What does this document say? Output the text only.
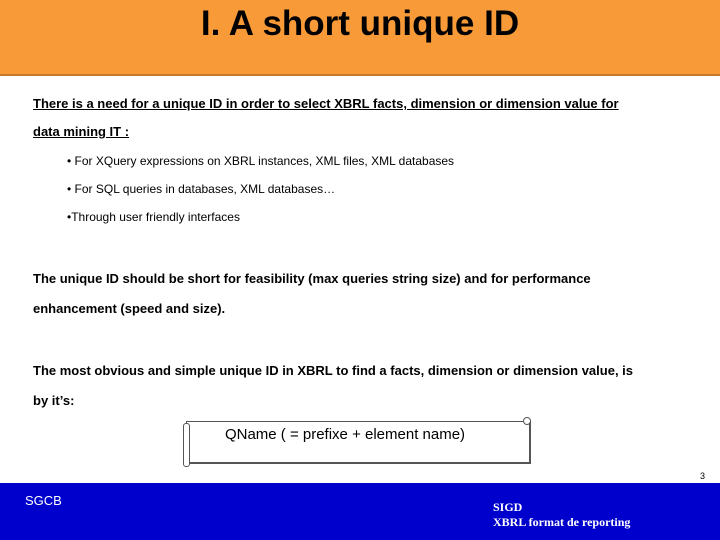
I. A short unique ID
There is a need for a unique ID in order to select XBRL facts, dimension or dimension value for
data mining IT :
• For XQuery expressions on XBRL instances, XML files, XML databases
• For SQL queries in databases, XML databases…
•Through user friendly interfaces
The unique ID should be short for feasibility (max queries string size) and for performance
enhancement (speed and size).
The most obvious and simple unique ID in XBRL to find a facts, dimension or dimension value, is
by it’s:
QName ( = prefixe + element name)
3
SGCB	SIGD
XBRL format de reporting
